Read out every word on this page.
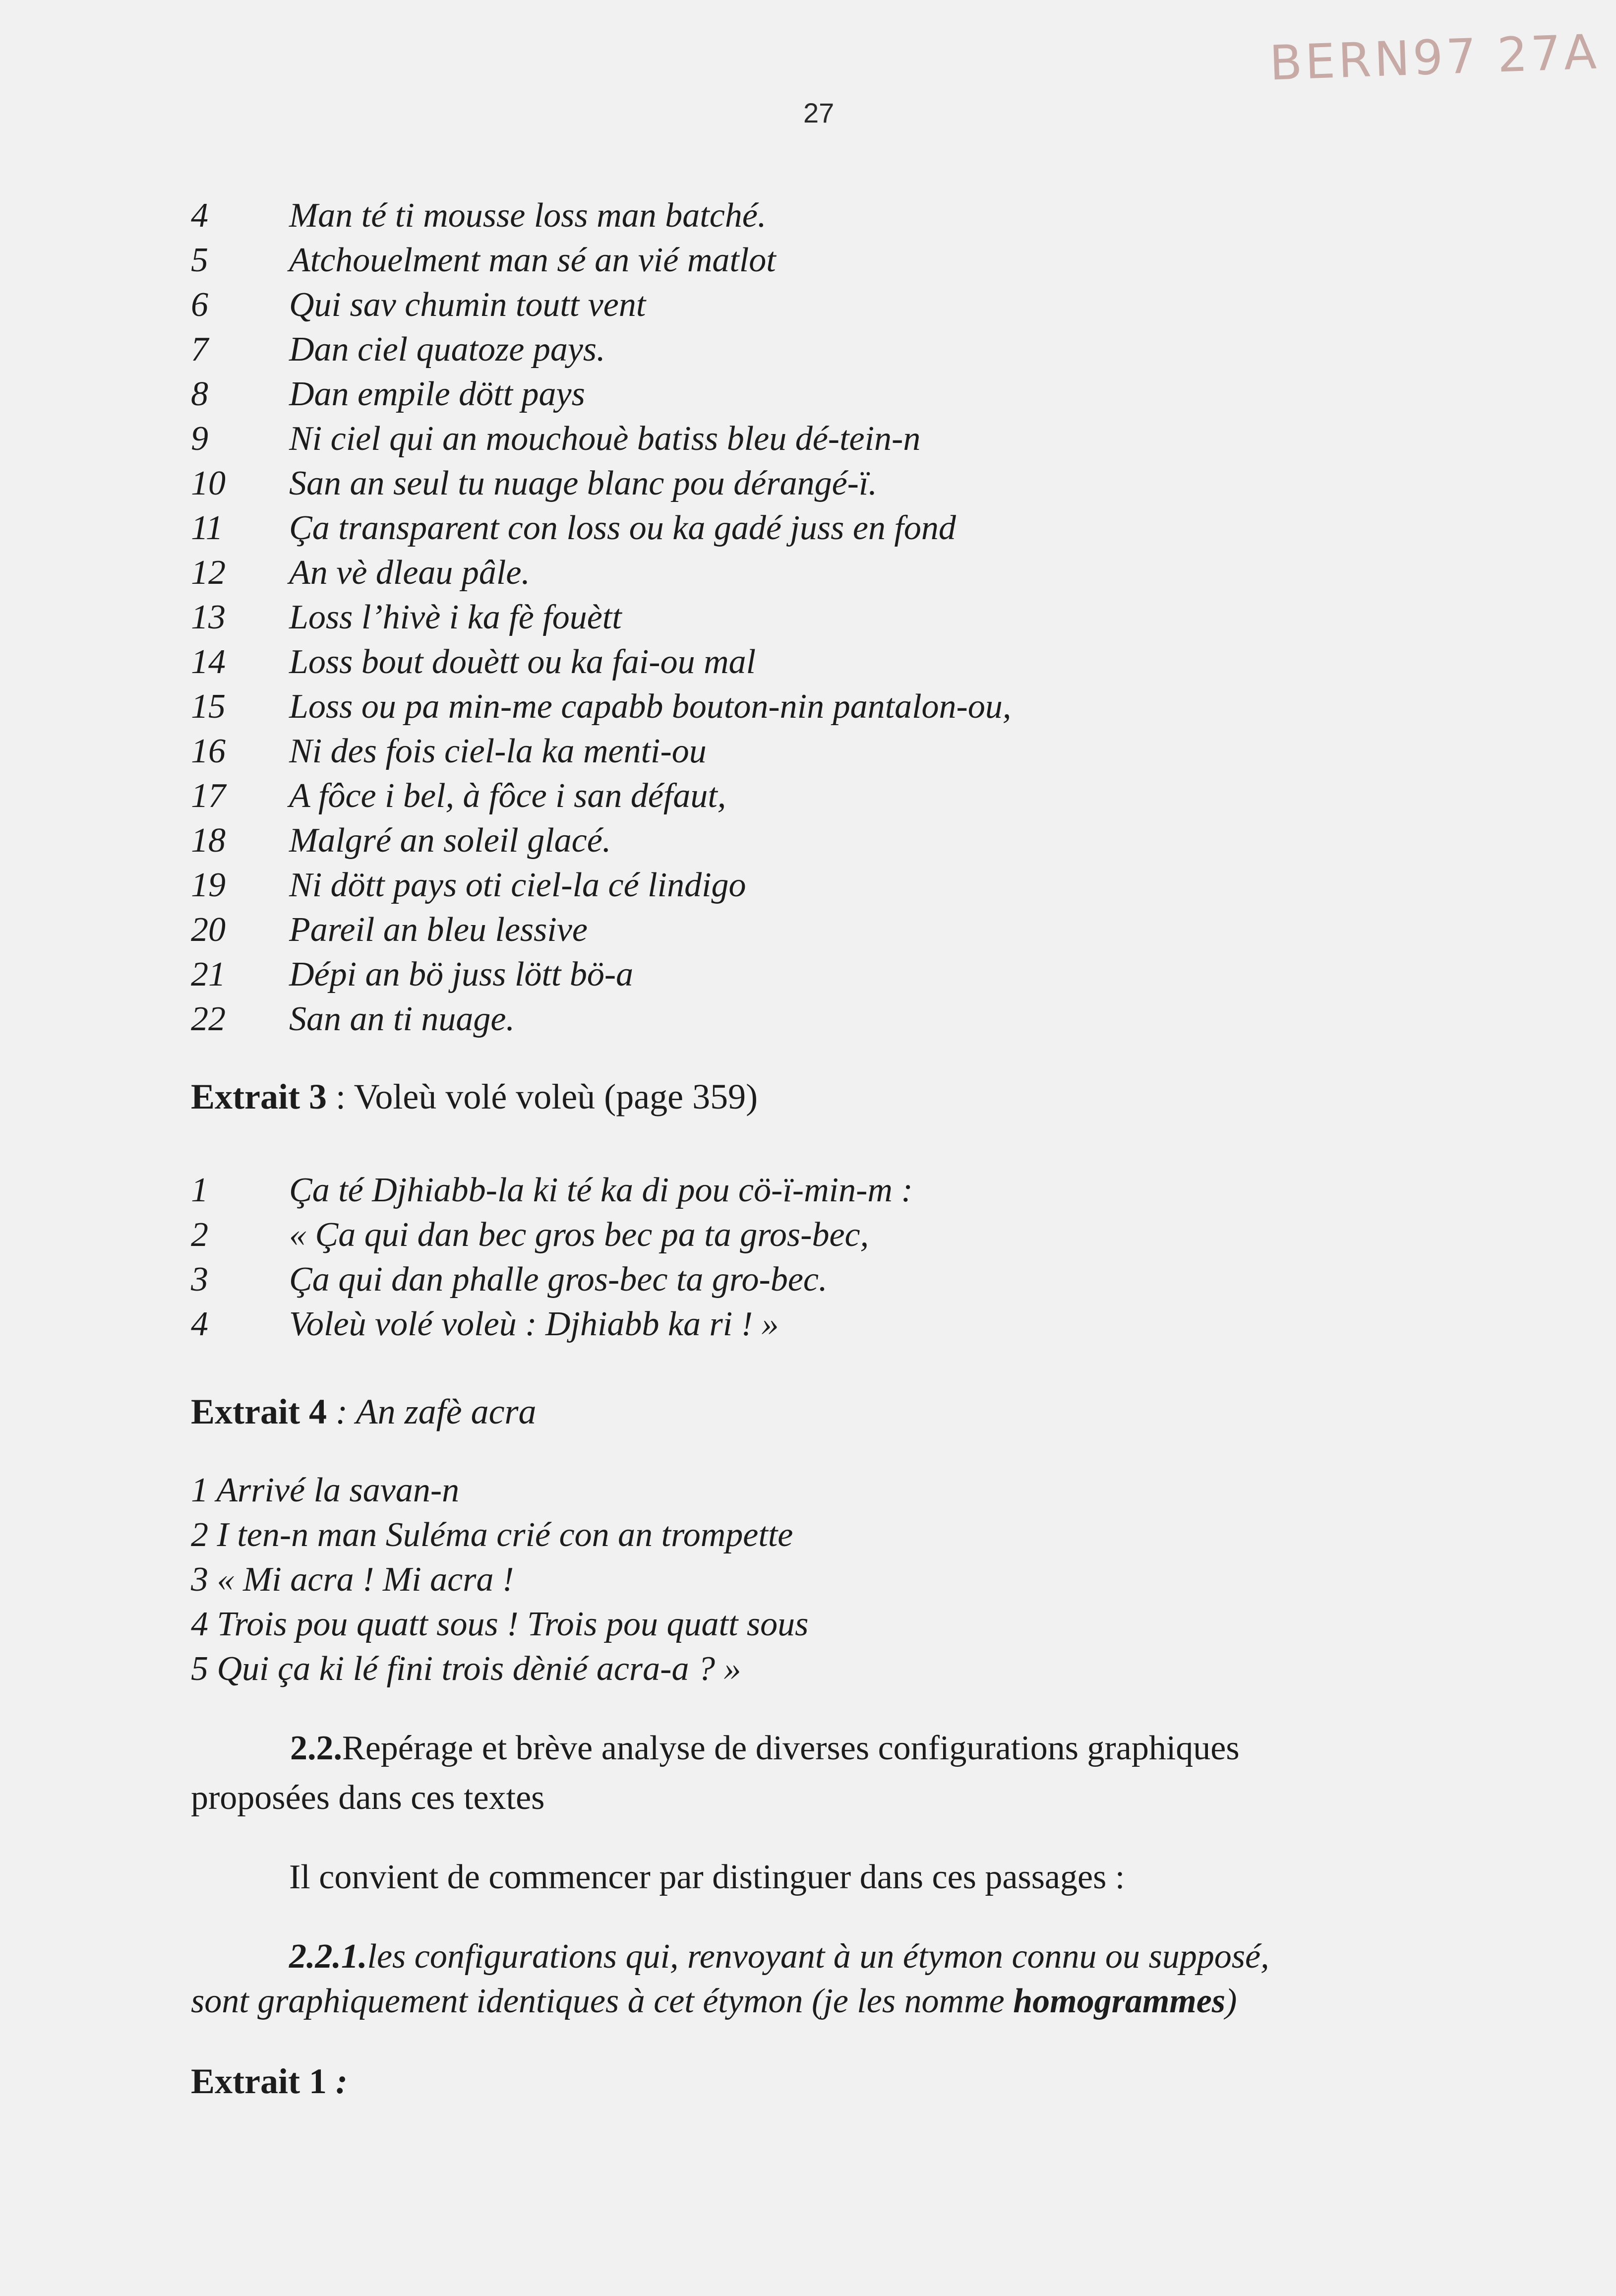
BERN97 27A
27
4 Man té ti mousse loss man batché.
5 Atchouelment man sé an vié matlot
6 Qui sav chumin toutt vent
7 Dan ciel quatoze pays.
8 Dan empile dött pays
9 Ni ciel qui an mouchouè batiss bleu dé-tein-n
10 San an seul tu nuage blanc pou dérangé-ï.
11 Ça transparent con loss ou ka gadé juss en fond
12 An vè dleau pâle.
13 Loss l’hivè i ka fè fouètt
14 Loss bout douètt ou ka fai-ou mal
15 Loss ou pa min-me capabb bouton-nin pantalon-ou,
16 Ni des fois ciel-la ka menti-ou
17 A fôce i bel, à fôce i san défaut,
18 Malgré an soleil glacé.
19 Ni dött pays oti ciel-la cé lindigo
20 Pareil an bleu lessive
21 Dépi an bö juss lött bö-a
22 San an ti nuage.
Extrait 3 : Voleù volé voleù (page 359)
1 Ça té Djhiabb-la ki té ka di pou cö-ï-min-m :
2 « Ça qui dan bec gros bec pa ta gros-bec,
3 Ça qui dan phalle gros-bec ta gro-bec.
4 Voleù volé voleù : Djhiabb ka ri ! »
Extrait 4 : An zafè acra
1 Arrivé la savan-n
2 I ten-n man Suléma crié con an trompette
3 « Mi acra ! Mi acra !
4 Trois pou quatt sous ! Trois pou quatt sous
5 Qui ça ki lé fini trois dènié acra-a ? »
2.2.Repérage et brève analyse de diverses configurations graphiques
proposées dans ces textes
Il convient de commencer par distinguer dans ces passages :
2.2.1.les configurations qui, renvoyant à un étymon connu ou supposé,
sont graphiquement identiques à cet étymon (je les nomme homogrammes)
Extrait 1 :
